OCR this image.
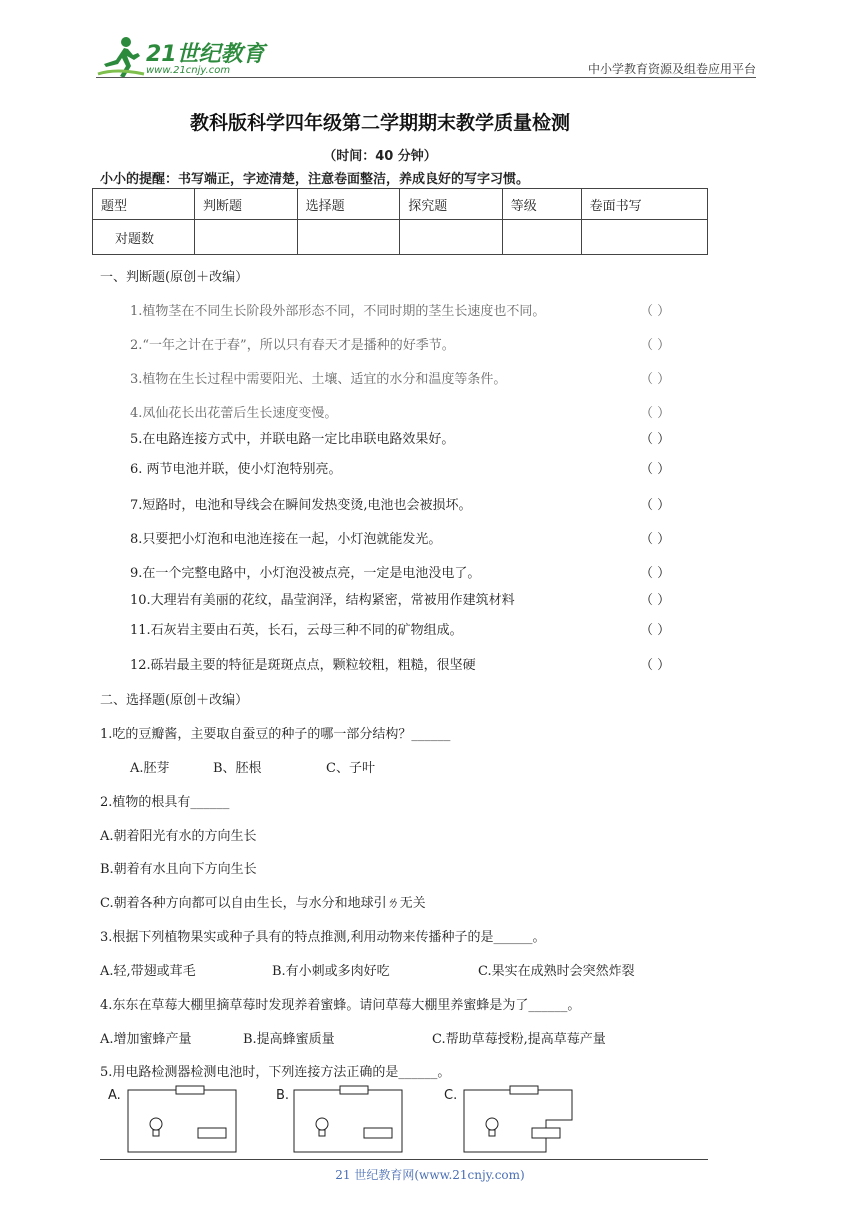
21世纪教育
www.21cnjy.com	中小学教育资源及组卷应用平台
教科版科学四年级第二学期期末教学质量检测
（时间：40 分钟）
小小的提醒：书写端正，字迹清楚，注意卷面整洁，养成良好的写字习惯。
题型	判断题	选择题	探究题	等级	卷面书写
对题数					
一、判断题(原创＋改编）
1.植物茎在不同生长阶段外部形态不同，不同时期的茎生长速度也不同。	（ ）
2.“一年之计在于春”，所以只有春天才是播种的好季节。	（ ）
3.植物在生长过程中需要阳光、土壤、适宜的水分和温度等条件。	（ ）
4.凤仙花长出花蕾后生长速度变慢。	（ ）
5.在电路连接方式中，并联电路一定比串联电路效果好。	（ ）
6. 两节电池并联，使小灯泡特别亮。	（ ）
7.短路时，电池和导线会在瞬间发热变烫,电池也会被损坏。	（ ）
8.只要把小灯泡和电池连接在一起，小灯泡就能发光。	（ ）
9.在一个完整电路中，小灯泡没被点亮，一定是电池没电了。	（ ）
10.大理岩有美丽的花纹，晶莹润泽，结构紧密，常被用作建筑材料	（ ）
11.石灰岩主要由石英，长石，云母三种不同的矿物组成。	（ ）
12.砾岩最主要的特征是斑斑点点，颗粒较粗，粗糙，很坚硬	（ ）
二、选择题(原创＋改编）
1.吃的豆瓣酱，主要取自蚕豆的种子的哪一部分结构？______
A.胚芽	B、胚根	C、子叶
2.植物的根具有______
A.朝着阳光有水的方向生长
B.朝着有水且向下方向生长
C.朝着各种方向都可以自由生长，与水分和地球引ㄌ无关
3.根据下列植物果实或种子具有的特点推测,利用动物来传播种子的是______。
A.轻,带翅或茸毛	B.有小刺或多肉好吃	C.果实在成熟时会突然炸裂
4.东东在草莓大棚里摘草莓时发现养着蜜蜂。请问草莓大棚里养蜜蜂是为了______。
A.增加蜜蜂产量	B.提高蜂蜜质量	C.帮助草莓授粉,提高草莓产量
5.用电路检测器检测电池时，下列连接方法正确的是______。
A.	B.	C.
21 世纪教育网(www.21cnjy.com)
